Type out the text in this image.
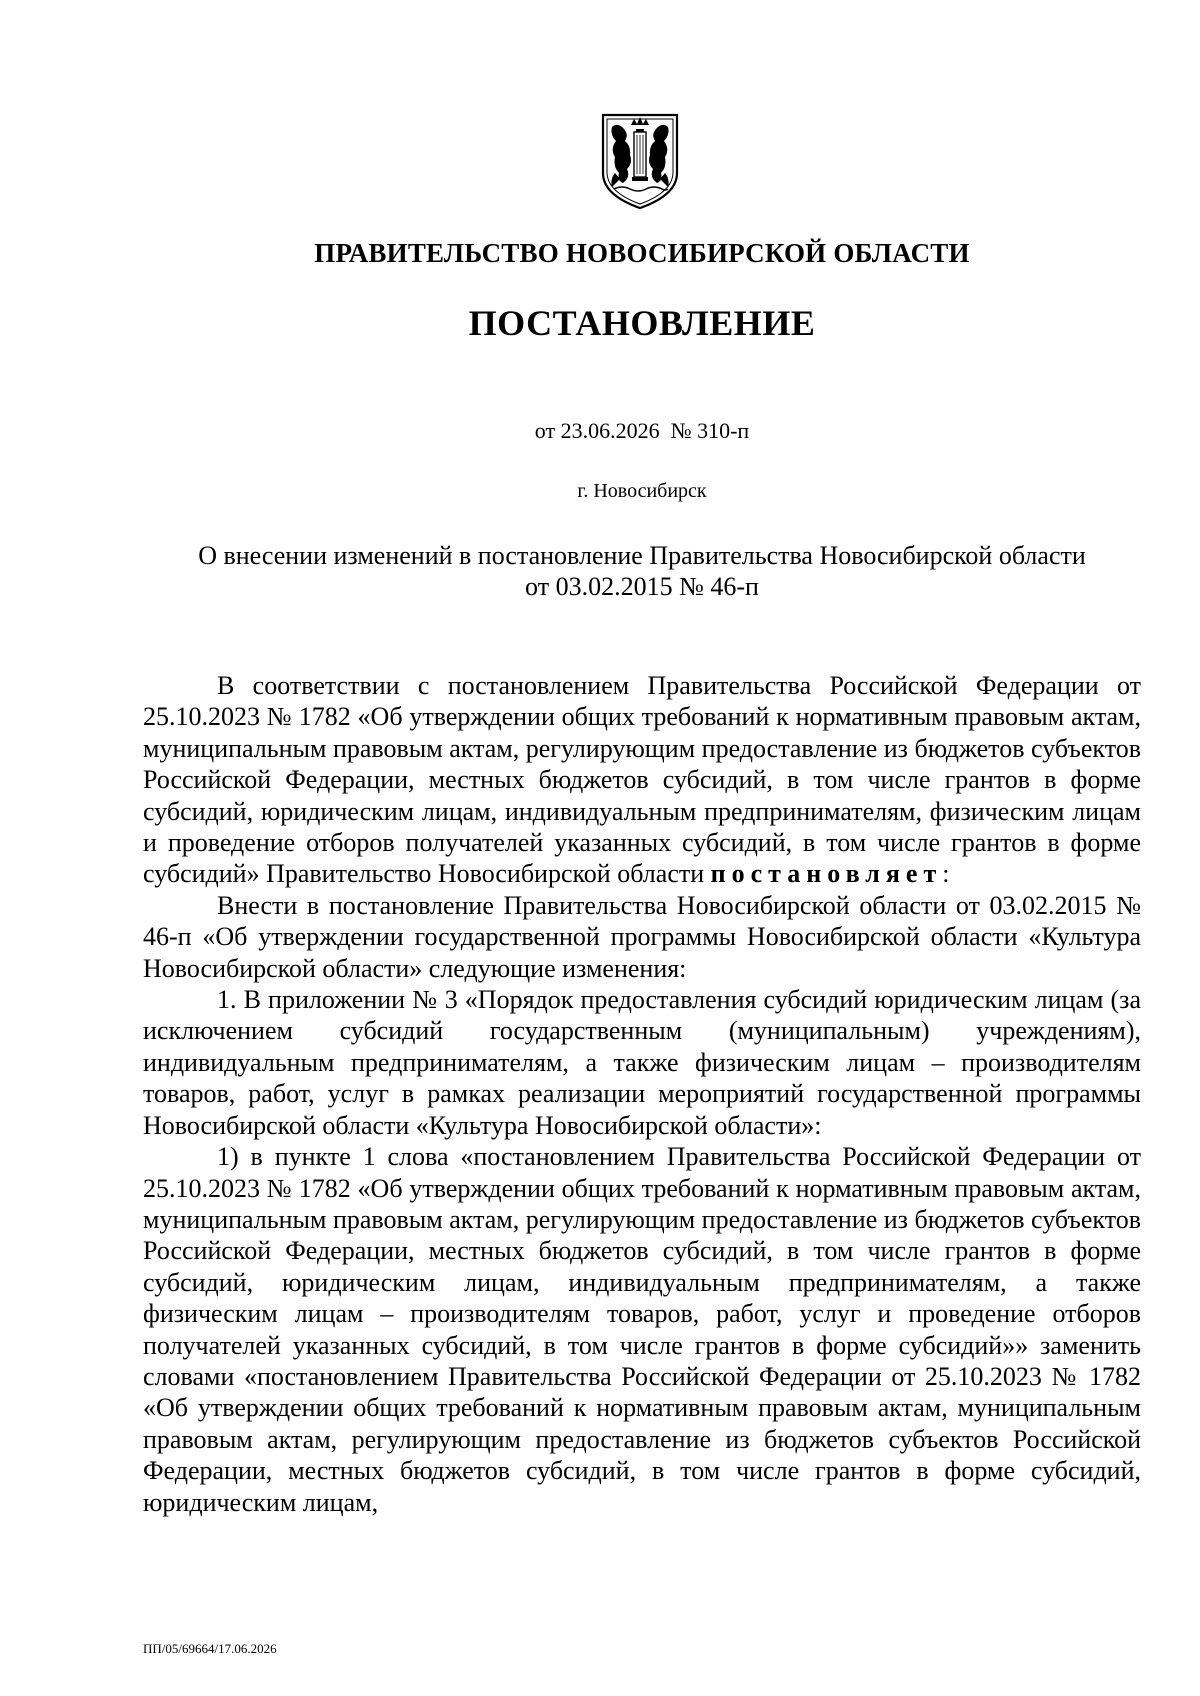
ПРАВИТЕЛЬСТВО НОВОСИБИРСКОЙ ОБЛАСТИ
ПОСТАНОВЛЕНИЕ
от 23.06.2026  № 310-п
г. Новосибирск
О внесении изменений в постановление Правительства Новосибирской области
от 03.02.2015 № 46-п

В соответствии с постановлением Правительства Российской Федерации от 25.10.2023 № 1782 «Об утверждении общих требований к нормативным правовым актам, муниципальным правовым актам, регулирующим предоставление из бюджетов субъектов Российской Федерации, местных бюджетов субсидий, в том числе грантов в форме субсидий, юридическим лицам, индивидуальным предпринимателям, физическим лицам и проведение отборов получателей указанных субсидий, в том числе грантов в форме субсидий» Правительство Новосибирской области постановляет:

Внести в постановление Правительства Новосибирской области от 03.02.2015 № 46-п «Об утверждении государственной программы Новосибирской области «Культура Новосибирской области» следующие изменения:

1. В приложении № 3 «Порядок предоставления субсидий юридическим лицам (за исключением субсидий государственным (муниципальным) учреждениям), индивидуальным предпринимателям, а также физическим лицам – производителям товаров, работ, услуг в рамках реализации мероприятий государственной программы Новосибирской области «Культура Новосибирской области»:

1) в пункте 1 слова «постановлением Правительства Российской Федерации от 25.10.2023 № 1782 «Об утверждении общих требований к нормативным правовым актам, муниципальным правовым актам, регулирующим предоставление из бюджетов субъектов Российской Федерации, местных бюджетов субсидий, в том числе грантов в форме субсидий, юридическим лицам, индивидуальным предпринимателям, а также физическим лицам – производителям товаров, работ, услуг и проведение отборов получателей указанных субсидий, в том числе грантов в форме субсидий»» заменить словами «постановлением Правительства Российской Федерации от 25.10.2023 № 1782 «Об утверждении общих требований к нормативным правовым актам, муниципальным правовым актам, регулирующим предоставление из бюджетов субъектов Российской Федерации, местных бюджетов субсидий, в том числе грантов в форме субсидий, юридическим лицам,

ПП/05/69664/17.06.2026
